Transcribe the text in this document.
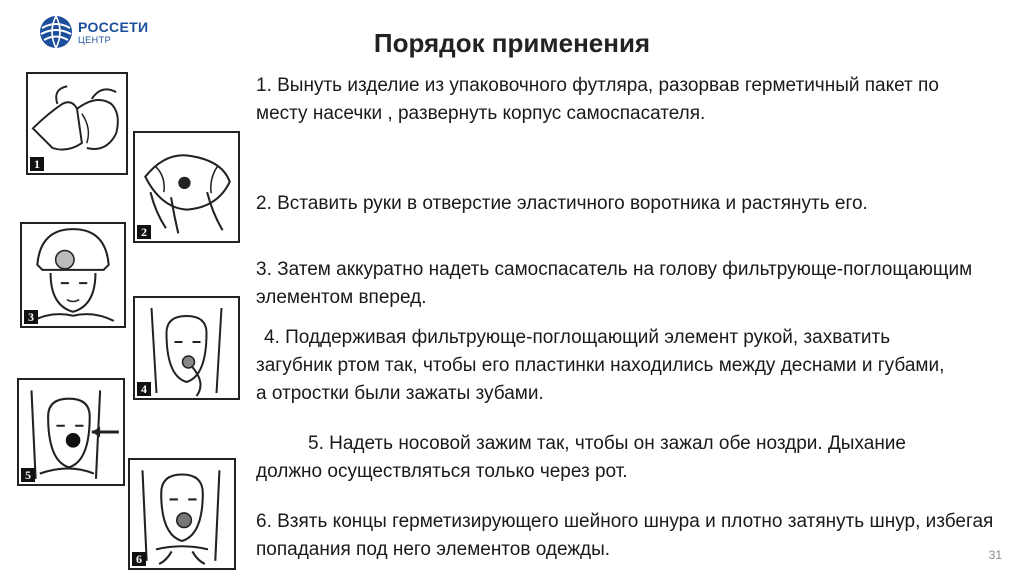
РОССЕТИ
ЦЕНТР	Порядок применения
1
2
3
4
5
6
1. Вынуть изделие из упаковочного футляра, разорвав герметичный пакет по месту насечки , развернуть корпус самоспасателя.
2. Вставить руки в отверстие эластичного воротника и растянуть его.
3. Затем аккуратно надеть самоспасатель на голову фильтрующе-поглощающим элементом вперед.
4. Поддерживая фильтрующе-поглощающий элемент рукой, захватить загубник ртом так, чтобы его пластинки находились между деснами и губами, а отростки были зажаты зубами.
5. Надеть носовой зажим так, чтобы он зажал обе ноздри. Дыхание должно осуществляться только через рот.
6. Взять концы герметизирующего шейного шнура и плотно затянуть шнур, избегая попадания под него элементов одежды.	31
